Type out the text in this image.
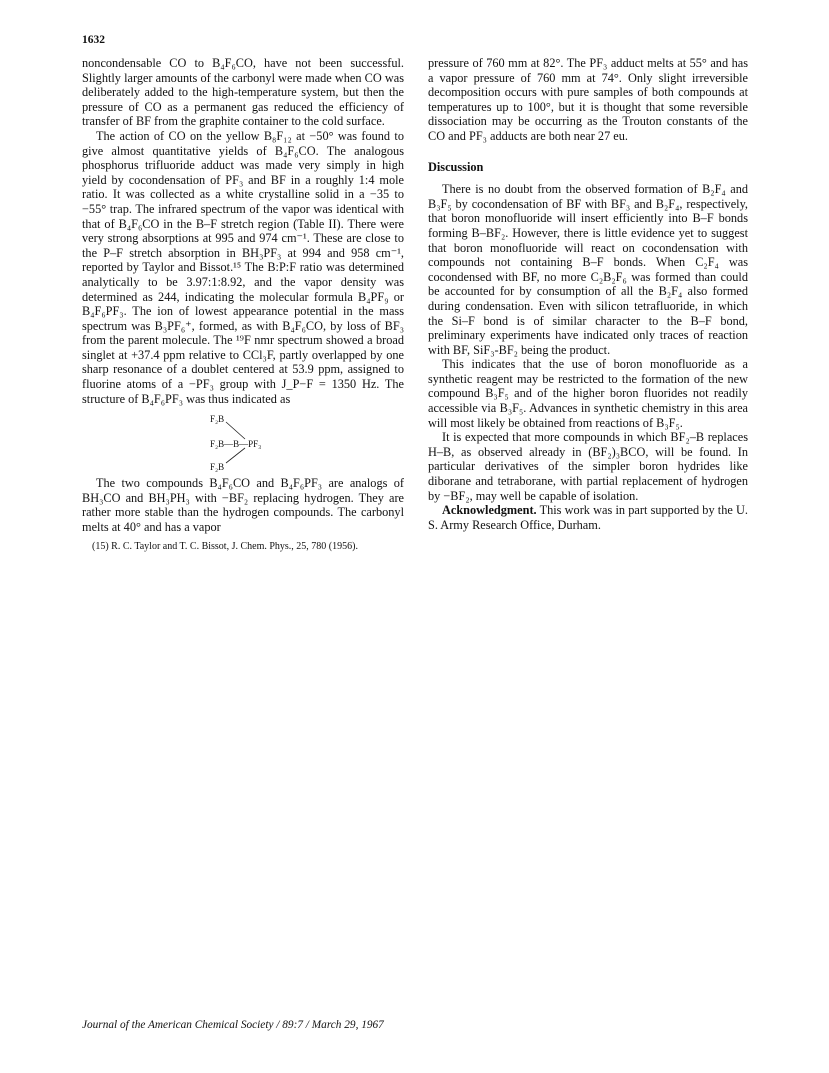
1632

noncondensable CO to B₄F₆CO, have not been successful. Slightly larger amounts of the carbonyl were made when CO was deliberately added to the high-temperature system, but then the pressure of CO as a permanent gas reduced the efficiency of transfer of BF from the graphite container to the cold surface.

The action of CO on the yellow B₈F₁₂ at −50° was found to give almost quantitative yields of B₄F₆CO. The analogous phosphorus trifluoride adduct was made very simply in high yield by cocondensation of PF₃ and BF in a roughly 1:4 mole ratio. It was collected as a white crystalline solid in a −35 to −55° trap. The infrared spectrum of the vapor was identical with that of B₄F₆CO in the B–F stretch region (Table II). There were very strong absorptions at 995 and 974 cm⁻¹. These are close to the P–F stretch absorption in BH₃PF₃ at 994 and 958 cm⁻¹, reported by Taylor and Bissot.¹⁵ The B:P:F ratio was determined analytically to be 3.97:1:8.92, and the vapor density was determined as 244, indicating the molecular formula B₄PF₉ or B₄F₆PF₃. The ion of lowest appearance potential in the mass spectrum was B₃PF₆⁺, formed, as with B₄F₆CO, by loss of BF₃ from the parent molecule. The ¹⁹F nmr spectrum showed a broad singlet at +37.4 ppm relative to CCl₃F, partly overlapped by one sharp resonance of a doublet centered at 53.9 ppm, assigned to fluorine atoms of a −PF₃ group with J_P−F = 1350 Hz. The structure of B₄F₆PF₃ was thus indicated as

F₂B
F₂B—B—PF₃
F₂B

The two compounds B₄F₆CO and B₄F₆PF₃ are analogs of BH₃CO and BH₃PH₃ with −BF₂ replacing hydrogen. They are rather more stable than the hydrogen compounds. The carbonyl melts at 40° and has a vapor

(15) R. C. Taylor and T. C. Bissot, J. Chem. Phys., 25, 780 (1956).

pressure of 760 mm at 82°. The PF₃ adduct melts at 55° and has a vapor pressure of 760 mm at 74°. Only slight irreversible decomposition occurs with pure samples of both compounds at temperatures up to 100°, but it is thought that some reversible dissociation may be occurring as the Trouton constants of the CO and PF₃ adducts are both near 27 eu.

Discussion

There is no doubt from the observed formation of B₂F₄ and B₃F₅ by cocondensation of BF with BF₃ and B₂F₄, respectively, that boron monofluoride will insert efficiently into B–F bonds forming B–BF₂. However, there is little evidence yet to suggest that boron monofluoride will react on cocondensation with compounds not containing B–F bonds. When C₂F₄ was cocondensed with BF, no more C₂B₂F₆ was formed than could be accounted for by consumption of all the B₂F₄ also formed during condensation. Even with silicon tetrafluoride, in which the Si–F bond is of similar character to the B–F bond, preliminary experiments have indicated only traces of reaction with BF, SiF₃-BF₂ being the product.

This indicates that the use of boron monofluoride as a synthetic reagent may be restricted to the formation of the new compound B₃F₅ and of the higher boron fluorides not readily accessible via B₃F₅. Advances in synthetic chemistry in this area will most likely be obtained from reactions of B₃F₅.

It is expected that more compounds in which BF₂–B replaces H–B, as observed already in (BF₂)₃BCO, will be found. In particular derivatives of the simpler boron hydrides like diborane and tetraborane, with partial replacement of hydrogen by −BF₂, may well be capable of isolation.

Acknowledgment. This work was in part supported by the U. S. Army Research Office, Durham.

Journal of the American Chemical Society / 89:7 / March 29, 1967
